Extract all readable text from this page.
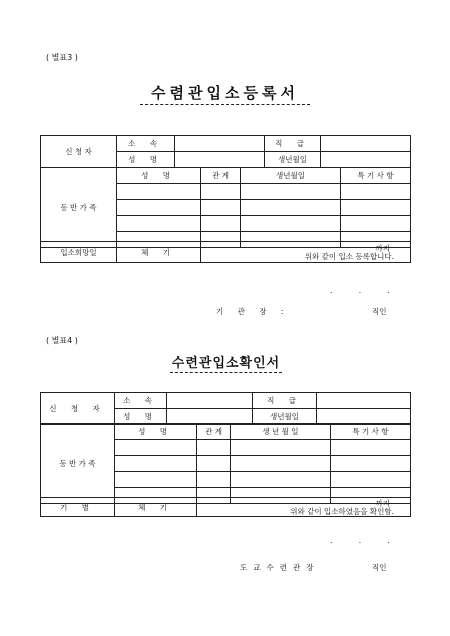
( 별표3 )
수렴관입소등록서
신 청 자	소 속		직 급	
	성 명		생년월일	
동 반 가 족	성 명	관 계	생년월일	특 기 사 항

입소희망일	체 기	까지
위와 같이 입소 등록합니다.
. . .
기 관 장 :	직인
( 별표4 )
수련관입소확인서
신 청 자	소 속		직 급	
	성 명		생년월일	
동 반 가 족	성 명	관 계	생 년 월 일	특 기 사 항

기 별	체 기	까지
위와 같이 입소하였음을 확인함.
. . .
도교수련관장	직인
